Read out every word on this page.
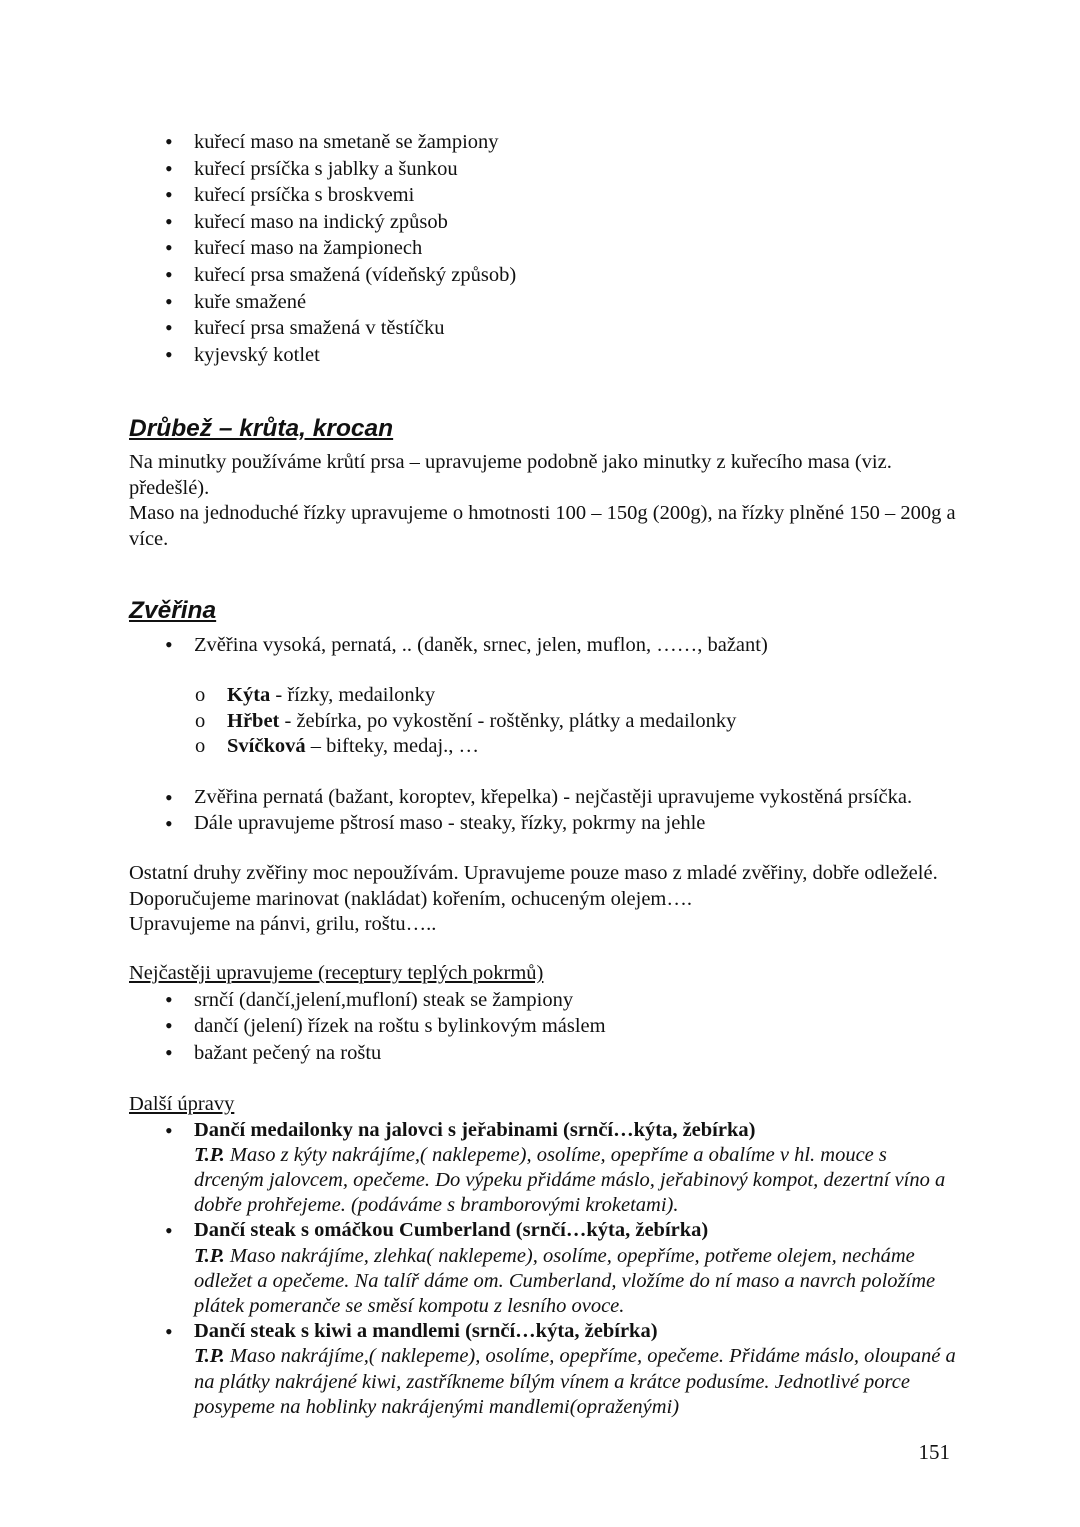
• kuřecí maso na smetaně se žampiony
• kuřecí prsíčka s jablky a šunkou
• kuřecí prsíčka s broskvemi
• kuřecí maso na indický způsob
• kuřecí maso na žampionech
• kuřecí prsa smažená (vídeňský způsob)
• kuře smažené
• kuřecí prsa smažená v těstíčku
• kyjevský kotlet
Drůbež – krůta, krocan

Na minutky používáme krůtí prsa – upravujeme podobně jako minutky z kuřecího masa (viz. předešlé).

Maso na jednoduché řízky upravujeme o hmotnosti 100 – 150g (200g), na řízky plněné 150 – 200g a více.

Zvěřina
• Zvěřina vysoká, pernatá, .. (daněk, srnec, jelen, muflon, ……, bažant)
o Kýta - řízky, medailonky
o Hřbet - žebírka, po vykostění - roštěnky, plátky a medailonky
o Svíčková – bifteky, medaj., …
• Zvěřina pernatá (bažant, koroptev, křepelka) - nejčastěji upravujeme vykostěná prsíčka.
• Dále upravujeme pštrosí maso - steaky, řízky, pokrmy na jehle

Ostatní druhy zvěřiny moc nepoužívám. Upravujeme pouze maso z mladé zvěřiny, dobře odleželé. Doporučujeme marinovat (nakládat) kořením, ochuceným olejem….

Upravujeme na pánvi, grilu, roštu…..

Nejčastěji upravujeme (receptury teplých pokrmů)

• srnčí (dančí,jelení,mufloní) steak se žampiony
• dančí (jelení) řízek na roštu s bylinkovým máslem
• bažant pečený na roštu

Další úpravy

• Dančí medailonky na jalovci s jeřabinami (srnčí…kýta, žebírka)
T.P. Maso z kýty nakrájíme,( naklepeme), osolíme, opepříme a obalíme v hl. mouce s drceným jalovcem, opečeme. Do výpeku přidáme máslo, jeřabinový kompot, dezertní víno a dobře prohřejeme. (podáváme s bramborovými kroketami).
• Dančí steak s omáčkou Cumberland (srnčí…kýta, žebírka)
T.P. Maso nakrájíme, zlehka( naklepeme), osolíme, opepříme, potřeme olejem, necháme odležet a opečeme. Na talíř dáme om. Cumberland, vložíme do ní maso a navrch položíme plátek pomeranče se směsí kompotu z lesního ovoce.
• Dančí steak s kiwi a mandlemi (srnčí…kýta, žebírka)
T.P. Maso nakrájíme,( naklepeme), osolíme, opepříme, opečeme. Přidáme máslo, oloupané a na plátky nakrájené kiwi, zastříkneme bílým vínem a krátce podusíme. Jednotlivé porce posypeme na hoblinky nakrájenými mandlemi(opraženými)
151
